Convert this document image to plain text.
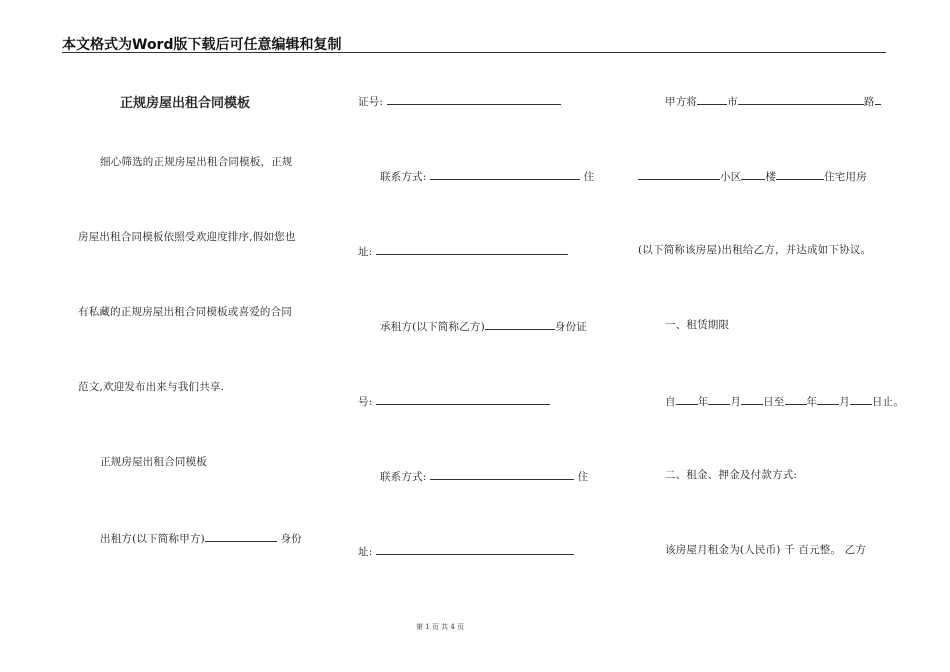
本文格式为Word版下载后可任意编辑和复制
正规房屋出租合同模板
细心筛选的正规房屋出租合同模板，正规
房屋出租合同模板依照受欢迎度排序,假如您也
有私藏的正规房屋出租合同模板或喜爱的合同
范文,欢迎发布出来与我们共享.
正规房屋出租合同模板
出租方(以下简称甲方)	身份
证号:
联系方式:	住
址:
承租方(以下简称乙方)	身份证
号:
联系方式:	住
址:
甲方将	市	路
小区 楼	住宅用房
(以下简称该房屋)出租给乙方，并达成如下协议。
一、租赁期限
自 年 月 日至 年 月 日止。
二、租金、押金及付款方式:
该房屋月租金为(人民币) 千 百元整。 乙方
第 1 页 共 4 页
